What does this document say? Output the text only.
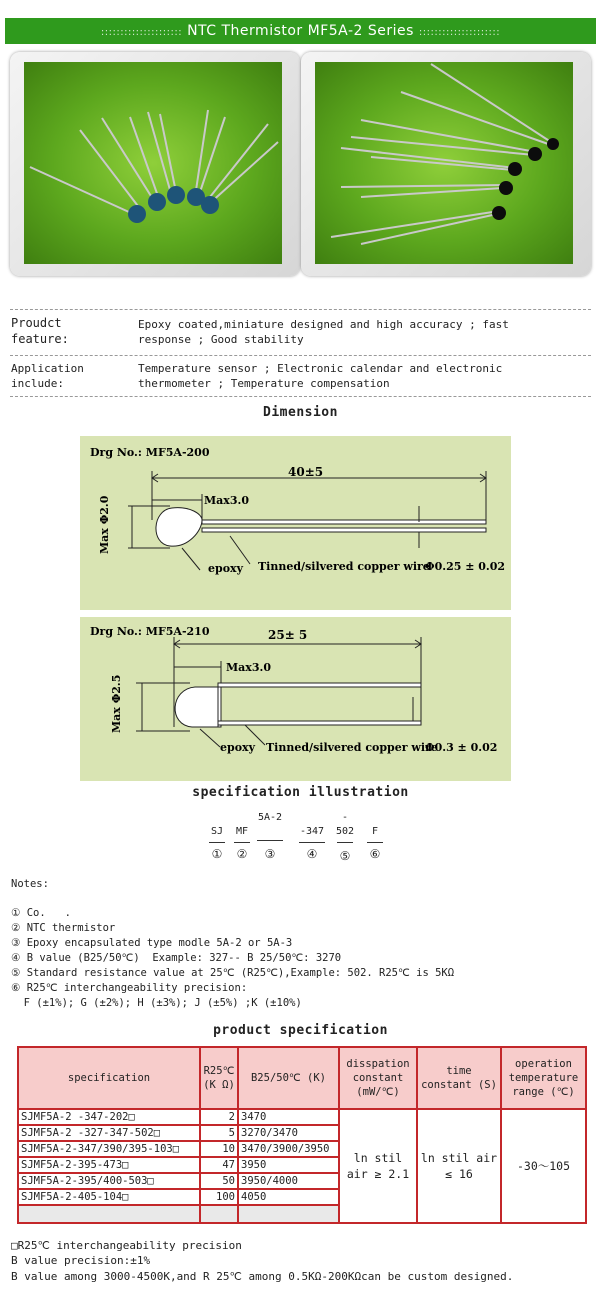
::::::::::::::::::::: NTC Thermistor MF5A-2 Series :::::::::::::::::::::
Proudct
feature:
Epoxy coated,miniature designed and high accuracy ; fast
response ; Good stability
Application
include:
Temperature sensor ; Electronic calendar and electronic
thermometer ; Temperature compensation
Dimension
Drg No.: MF5A-200
40±5
Max3.0
Max Φ2.0
epoxy Tinned/silvered copper wire
Φ0.25 ± 0.02
Drg No.: MF5A-210	25± 5
Max3.0
Max Φ2.5
epoxy Tinned/silvered copper wire
Φ0.3 ± 0.02
specification illustration
SJ
①
MF
②
5A-2
③
-347
④
-
502
⑤
F
⑥
Notes:
① Co.   .
② NTC thermistor
③ Epoxy encapsulated type modle 5A-2 or 5A-3
④ B value (B25/50℃)  Example: 327-- B 25/50℃: 3270
⑤ Standard resistance value at 25℃ (R25℃),Example: 502. R25℃ is 5KΩ
⑥ R25℃ interchangeability precision:
F (±1%); G (±2%); H (±3%); J (±5%) ;K (±10%)
product specification
specification	R25℃ (K Ω)	B25/50℃ (K)	disspation constant (mW/℃)	time constant (S)	operation temperature range (℃)
SJMF5A-2 -347-202□	2	3470	ln stil air ≥ 2.1	ln stil air ≤ 16	-30～105
SJMF5A-2 -327-347-502□	5	3270/3470			
SJMF5A-2-347/390/395-103□	10	3470/3900/3950			
SJMF5A-2-395-473□	47	3950			
SJMF5A-2-395/400-503□	50	3950/4000			
SJMF5A-2-405-104□	100	4050			

□R25℃ interchangeability precision
B value precision:±1%
B value among 3000-4500K,and R 25℃ among 0.5KΩ-200KΩcan be custom designed.
